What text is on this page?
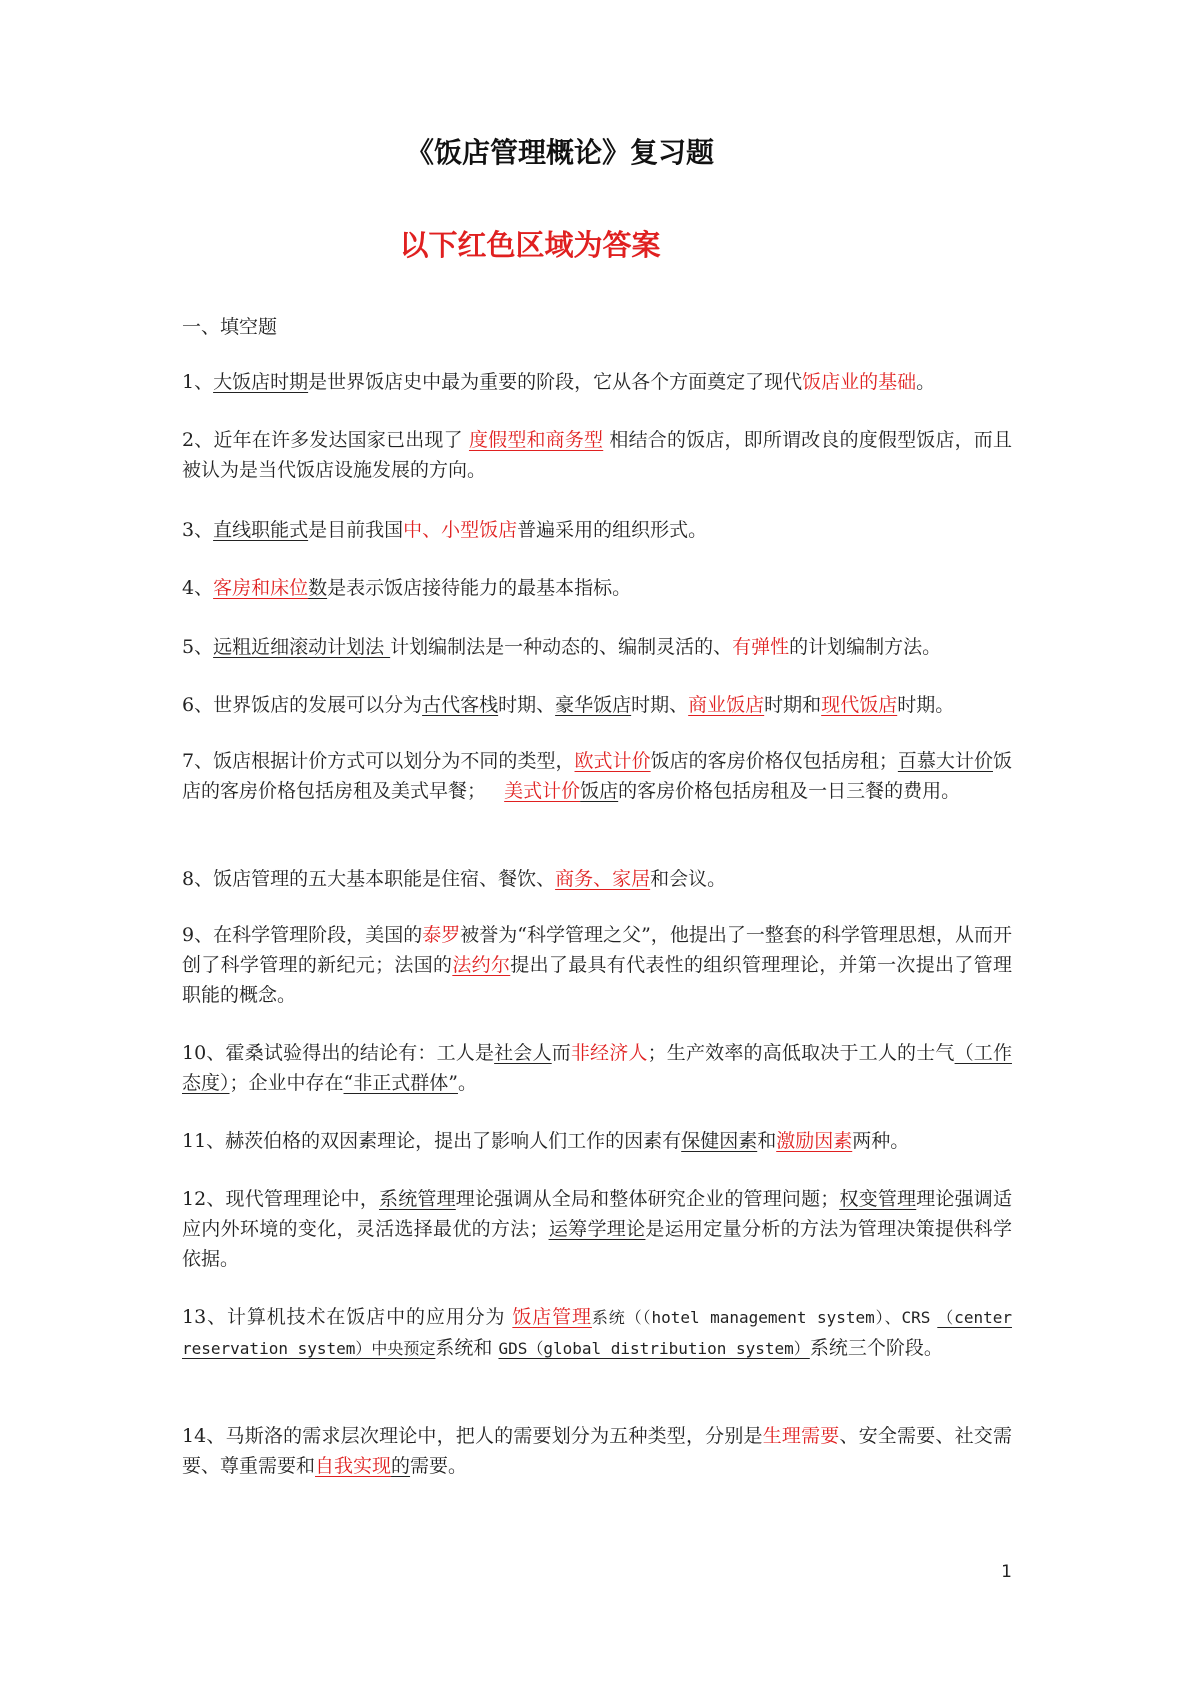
《饭店管理概论》复习题
以下红色区域为答案
一、填空题
1、大饭店时期是世界饭店史中最为重要的阶段，它从各个方面奠定了现代饭店业的基础。
2、近年在许多发达国家已出现了 度假型和商务型 相结合的饭店，即所谓改良的度假型饭店，而且被认为是当代饭店设施发展的方向。
3、直线职能式是目前我国中、小型饭店普遍采用的组织形式。
4、客房和床位数是表示饭店接待能力的最基本指标。
5、远粗近细滚动计划法 计划编制法是一种动态的、编制灵活的、有弹性的计划编制方法。
6、世界饭店的发展可以分为古代客栈时期、豪华饭店时期、商业饭店时期和现代饭店时期。
7、饭店根据计价方式可以划分为不同的类型，欧式计价饭店的客房价格仅包括房租；百慕大计价饭店的客房价格包括房租及美式早餐； 美式计价饭店的客房价格包括房租及一日三餐的费用。
8、饭店管理的五大基本职能是住宿、餐饮、商务、家居和会议。
9、在科学管理阶段，美国的泰罗被誉为“科学管理之父”，他提出了一整套的科学管理思想，从而开创了科学管理的新纪元；法国的法约尔提出了最具有代表性的组织管理理论，并第一次提出了管理职能的概念。
10、霍桑试验得出的结论有：工人是社会人而非经济人；生产效率的高低取决于工人的士气（工作态度）；企业中存在“非正式群体”。
11、赫茨伯格的双因素理论，提出了影响人们工作的因素有保健因素和激励因素两种。
12、现代管理理论中，系统管理理论强调从全局和整体研究企业的管理问题；权变管理理论强调适应内外环境的变化，灵活选择最优的方法；运筹学理论是运用定量分析的方法为管理决策提供科学依据。
13、计算机技术在饭店中的应用分为 饭店管理系统（（hotel management system）、CRS （center reservation system）中央预定系统和 GDS（global distribution system）系统三个阶段。
14、马斯洛的需求层次理论中，把人的需要划分为五种类型，分别是生理需要、安全需要、社交需要、尊重需要和自我实现的需要。
1
